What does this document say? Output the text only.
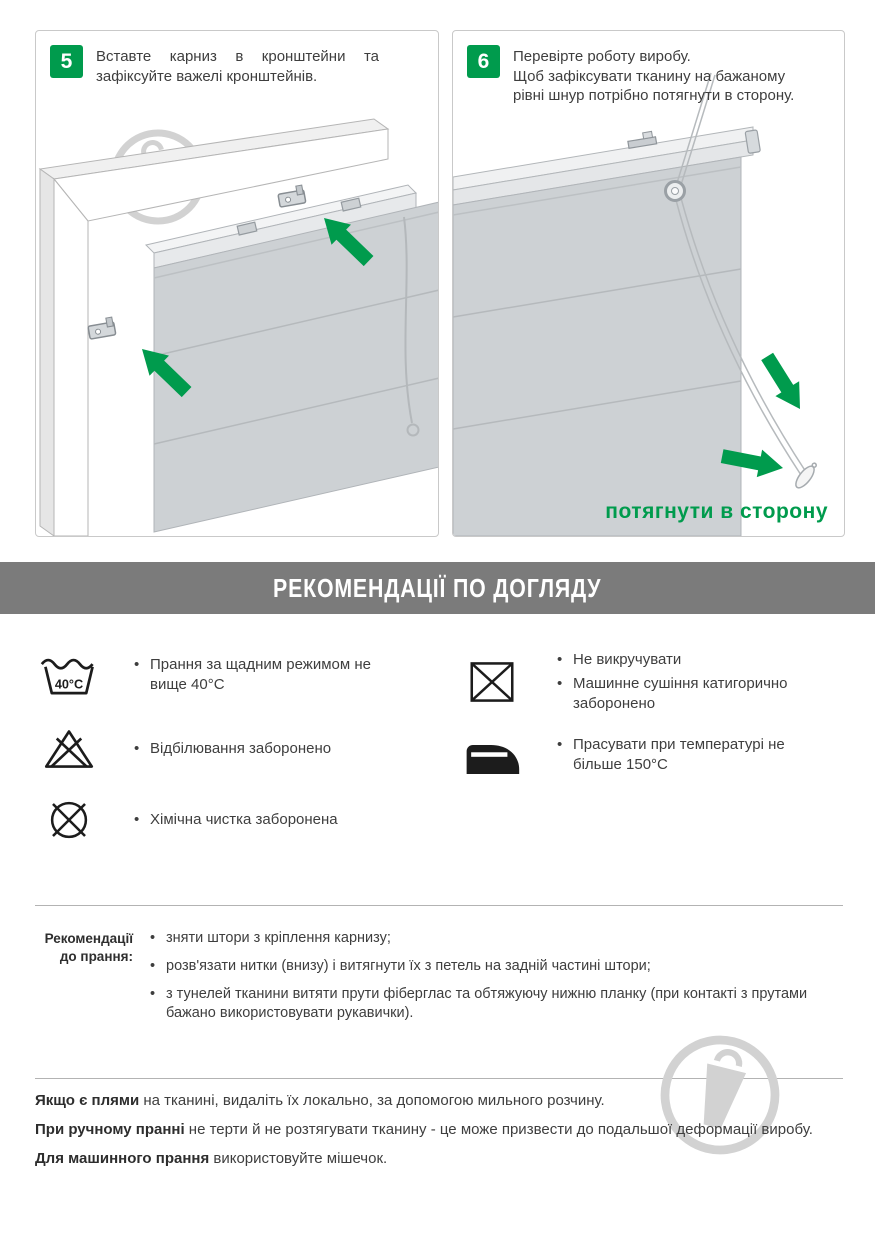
5	Вставте карниз в кронштейни та зафіксуйте важелі кронштейнів.

6	Перевірте роботу виробу.
Щоб зафіксувати тканину на бажаному рівні шнур потрібно потягнути в сторону.

потягнути в сторону
РЕКОМЕНДАЦІЇ ПО ДОГЛЯДУ
40°C
• Прання за щадним режимом не вище 40°С
• Відбілювання заборонено
• Хімічна чистка заборонена
• Не викручувати
• Машинне сушіння катигорично заборонено
• Прасувати при температурі не більше 150°С
Рекомендації до прання:
• зняти штори з кріплення карнизу;
• розв'язати нитки (внизу) і витягнути їх з петель на задній частині штори;
• з тунелей тканини витяти прути фіберглас та обтяжуючу нижню планку (при контакті з прутами бажано використовувати рукавички).

Якщо є плями на тканині, видаліть їх локально, за допомогою мильного розчину.

При ручному пранні не терти й не розтягувати тканину - це може призвести до подальшої деформації виробу.

Для машинного прання використовуйте мішечок.
